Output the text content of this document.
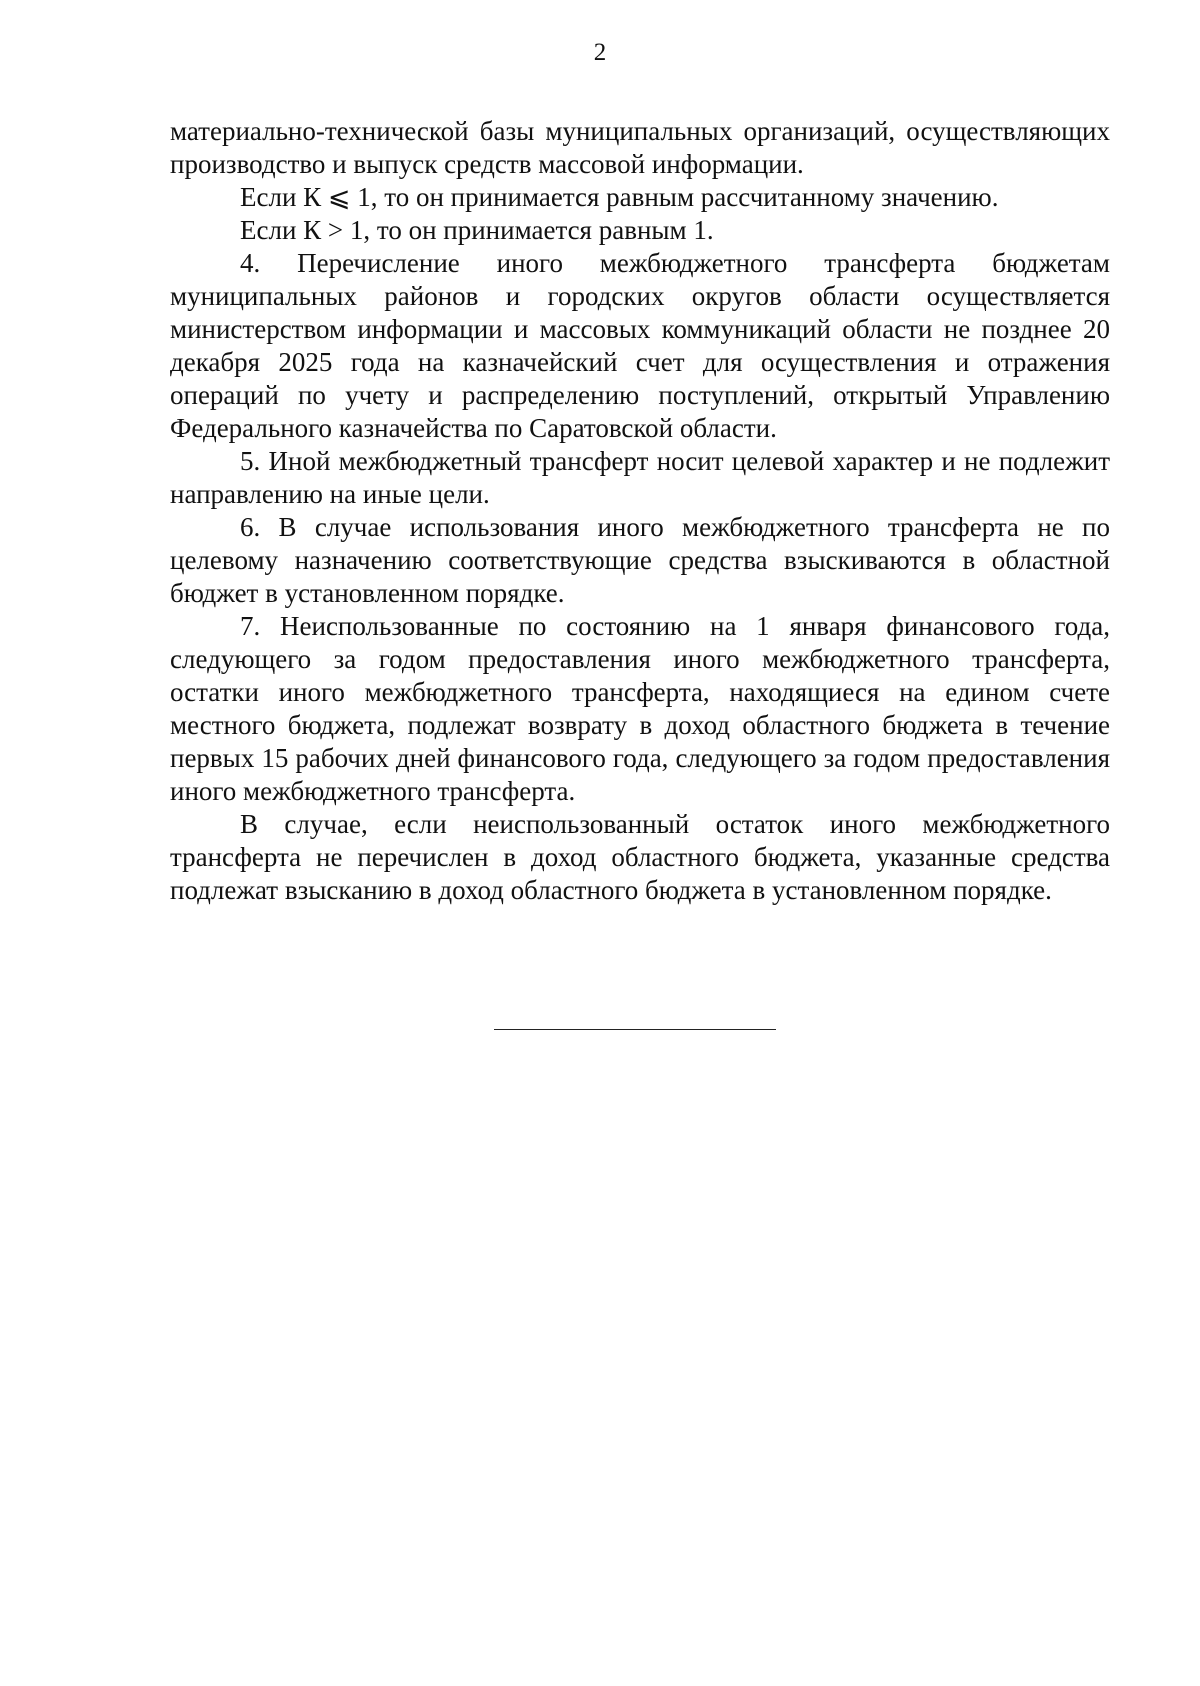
2

материально-технической базы муниципальных организаций, осуществляющих производство и выпуск средств массовой информации.

Если К ⩽ 1, то он принимается равным рассчитанному значению.

Если К > 1, то он принимается равным 1.

4. Перечисление иного межбюджетного трансферта бюджетам муниципальных районов и городских округов области осуществляется министерством информации и массовых коммуникаций области не позднее 20 декабря 2025 года на казначейский счет для осуществления и отражения операций по учету и распределению поступлений, открытый Управлению Федерального казначейства по Саратовской области.

5. Иной межбюджетный трансферт носит целевой характер и не подлежит направлению на иные цели.

6. В случае использования иного межбюджетного трансферта не по целевому назначению соответствующие средства взыскиваются в областной бюджет в установленном порядке.

7. Неиспользованные по состоянию на 1 января финансового года, следующего за годом предоставления иного межбюджетного трансферта, остатки иного межбюджетного трансферта, находящиеся на едином счете местного бюджета, подлежат возврату в доход областного бюджета в течение первых 15 рабочих дней финансового года, следующего за годом предоставления иного межбюджетного трансферта.

В случае, если неиспользованный остаток иного межбюджетного трансферта не перечислен в доход областного бюджета, указанные средства подлежат взысканию в доход областного бюджета в установленном порядке.
